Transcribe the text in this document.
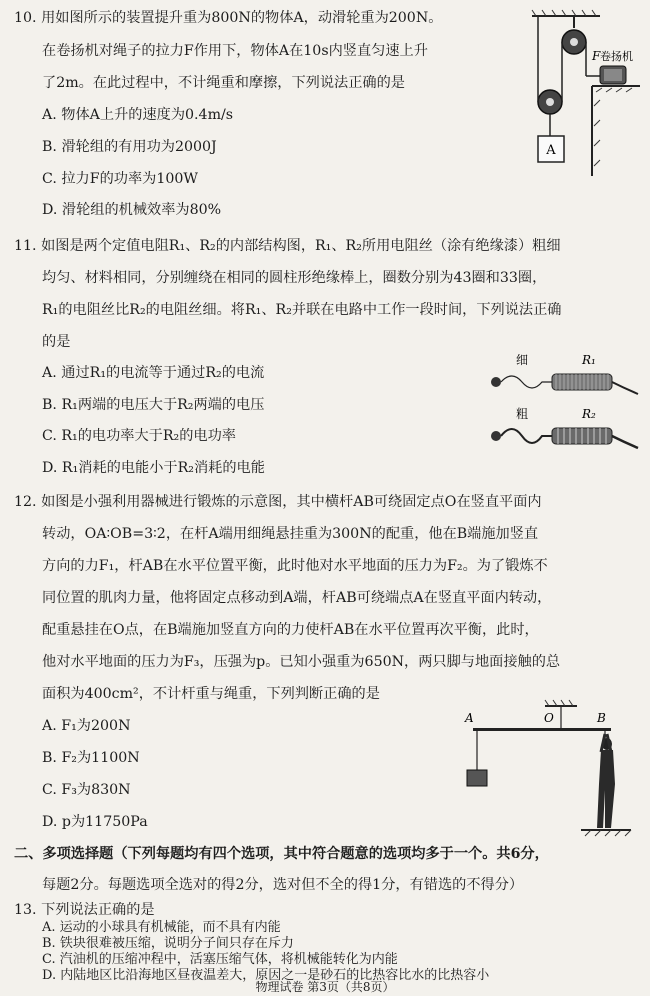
10. 用如图所示的装置提升重为800N的物体A，动滑轮重为200N。
在卷扬机对绳子的拉力F作用下，物体A在10s内竖直匀速上升
了2m。在此过程中，不计绳重和摩擦，下列说法正确的是
A. 物体A上升的速度为0.4m/s
B. 滑轮组的有用功为2000J
C. 拉力F的功率为100W
D. 滑轮组的机械效率为80%
A
F 卷扬机
11. 如图是两个定值电阻R₁、R₂的内部结构图，R₁、R₂所用电阻丝（涂有绝缘漆）粗细
均匀、材料相同，分别缠绕在相同的圆柱形绝缘棒上，圈数分别为43圈和33圈，
R₁的电阻丝比R₂的电阻丝细。将R₁、R₂并联在电路中工作一段时间，下列说法正确
的是
A. 通过R₁的电流等于通过R₂的电流
B. R₁两端的电压大于R₂两端的电压
C. R₁的电功率大于R₂的电功率
D. R₁消耗的电能小于R₂消耗的电能
细	R₁
粗	R₂
12. 如图是小强利用器械进行锻炼的示意图，其中横杆AB可绕固定点O在竖直平面内
转动，OA∶OB=3∶2，在杆A端用细绳悬挂重为300N的配重，他在B端施加竖直
方向的力F₁，杆AB在水平位置平衡，此时他对水平地面的压力为F₂。为了锻炼不
同位置的肌肉力量，他将固定点移动到A端，杆AB可绕端点A在竖直平面内转动，
配重悬挂在O点，在B端施加竖直方向的力使杆AB在水平位置再次平衡，此时，
他对水平地面的压力为F₃，压强为p。已知小强重为650N，两只脚与地面接触的总
面积为400cm²，不计杆重与绳重，下列判断正确的是
A. F₁为200N
B. F₂为1100N
C. F₃为830N
D. p为11750Pa
O
A	B
二、多项选择题（下列每题均有四个选项，其中符合题意的选项均多于一个。共6分，
每题2分。每题选项全选对的得2分，选对但不全的得1分，有错选的不得分）
13. 下列说法正确的是
A. 运动的小球具有机械能，而不具有内能
B. 铁块很难被压缩，说明分子间只存在斥力
C. 汽油机的压缩冲程中，活塞压缩气体，将机械能转化为内能
D. 内陆地区比沿海地区昼夜温差大，原因之一是砂石的比热容比水的比热容小
物理试卷 第3页（共8页）
